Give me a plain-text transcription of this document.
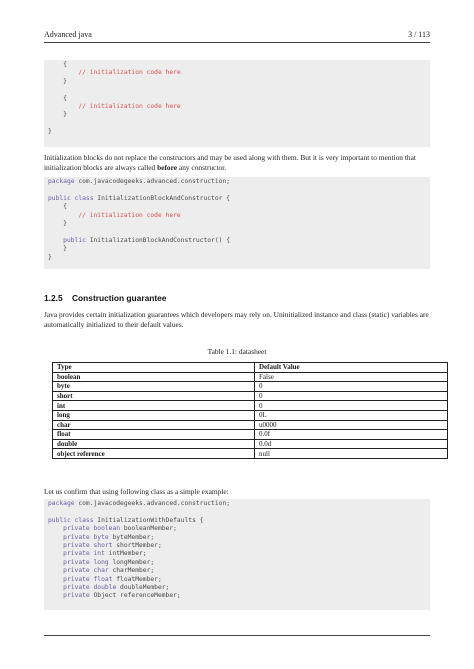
Advanced java	3 / 113
{
// initialization code here
}
{
// initialization code here
}
}
Initialization blocks do not replace the constructors and may be used along with them. But it is very important to mention that initialization blocks are always called before any constructor.
package com.javacodegeeks.advanced.construction;
public class InitializationBlockAndConstructor {
{
// initialization code here
}
public InitializationBlockAndConstructor() {
}
}
1.2.5 Construction guarantee
Java provides certain initialization guarantees which developers may rely on. Uninitialized instance and class (static) variables are automatically initialized to their default values.
Table 1.1: datasheet
Type	Default Value
boolean	False
byte	0
short	0
int	0
long	0L
char	u0000
float	0.0f
double	0.0d
object reference	null
Let us confirm that using following class as a simple example:
package com.javacodegeeks.advanced.construction;
public class InitializationWithDefaults {
private boolean booleanMember;
private byte byteMember;
private short shortMember;
private int intMember;
private long longMember;
private char charMember;
private float floatMember;
private double doubleMember;
private Object referenceMember;
